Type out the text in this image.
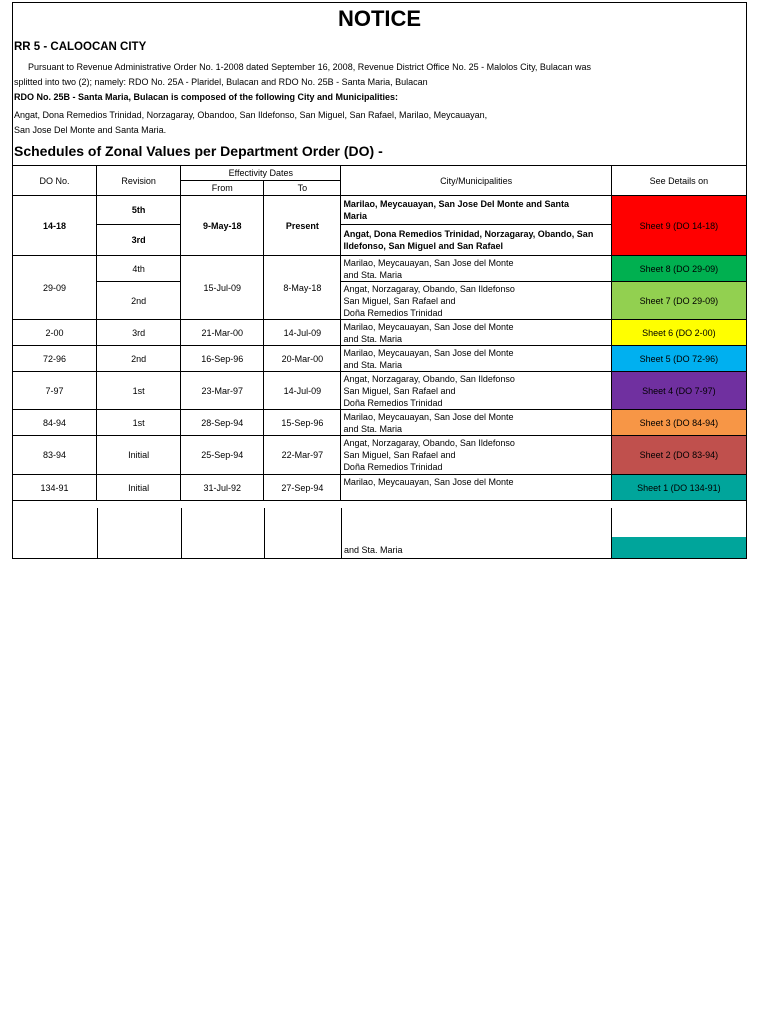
NOTICE
RR 5 - CALOOCAN CITY
Pursuant to Revenue Administrative Order No. 1-2008 dated September 16, 2008, Revenue District Office No. 25 - Malolos City, Bulacan was
splitted into two (2); namely: RDO No. 25A - Plaridel, Bulacan and RDO No. 25B - Santa Maria, Bulacan
RDO No. 25B - Santa Maria, Bulacan is composed of the following City and Municipalities:
Angat, Dona Remedios Trinidad, Norzagaray, Obandoo, San Ildefonso, San Miguel, San Rafael, Marilao, Meycauayan,
San Jose Del Monte and Santa Maria.
Schedules of Zonal Values per Department Order (DO) -
DO No.	Revision	Effectivity Dates		City/Municipalities	See Details on
		From	To		
14-18	5th	9-May-18	Present	Marilao, Meycauayan, San Jose Del Monte and Santa
Maria	Sheet 9 (DO 14-18)
	3rd			Angat, Dona Remedios Trinidad, Norzagaray, Obando, San
Ildefonso, San Miguel and San Rafael	

29-09	4th	15-Jul-09	8-May-18	Marilao, Meycauayan, San Jose del Monte
and Sta. Maria	Sheet 8 (DO 29-09)
	2nd			Angat, Norzagaray, Obando, San Ildefonso
San Miguel, San Rafael and
Doña Remedios Trinidad	Sheet 7 (DO 29-09)
2-00	3rd	21-Mar-00	14-Jul-09	Marilao, Meycauayan, San Jose del Monte
and Sta. Maria	Sheet 6 (DO 2-00)
72-96	2nd	16-Sep-96	20-Mar-00	Marilao, Meycauayan, San Jose del Monte
and Sta. Maria	Sheet 5 (DO 72-96)
7-97	1st	23-Mar-97	14-Jul-09	Angat, Norzagaray, Obando, San Ildefonso
San Miguel, San Rafael and
Doña Remedios Trinidad	Sheet 4 (DO 7-97)
84-94	1st	28-Sep-94	15-Sep-96	Marilao, Meycauayan, San Jose del Monte
and Sta. Maria	Sheet 3 (DO 84-94)
83-94	Initial	25-Sep-94	22-Mar-97	Angat, Norzagaray, Obando, San Ildefonso
San Miguel, San Rafael and
Doña Remedios Trinidad	Sheet 2 (DO 83-94)
134-91	Initial	31-Jul-92	27-Sep-94	Marilao, Meycauayan, San Jose del Monte	Sheet 1 (DO 134-91)
and Sta. Maria
